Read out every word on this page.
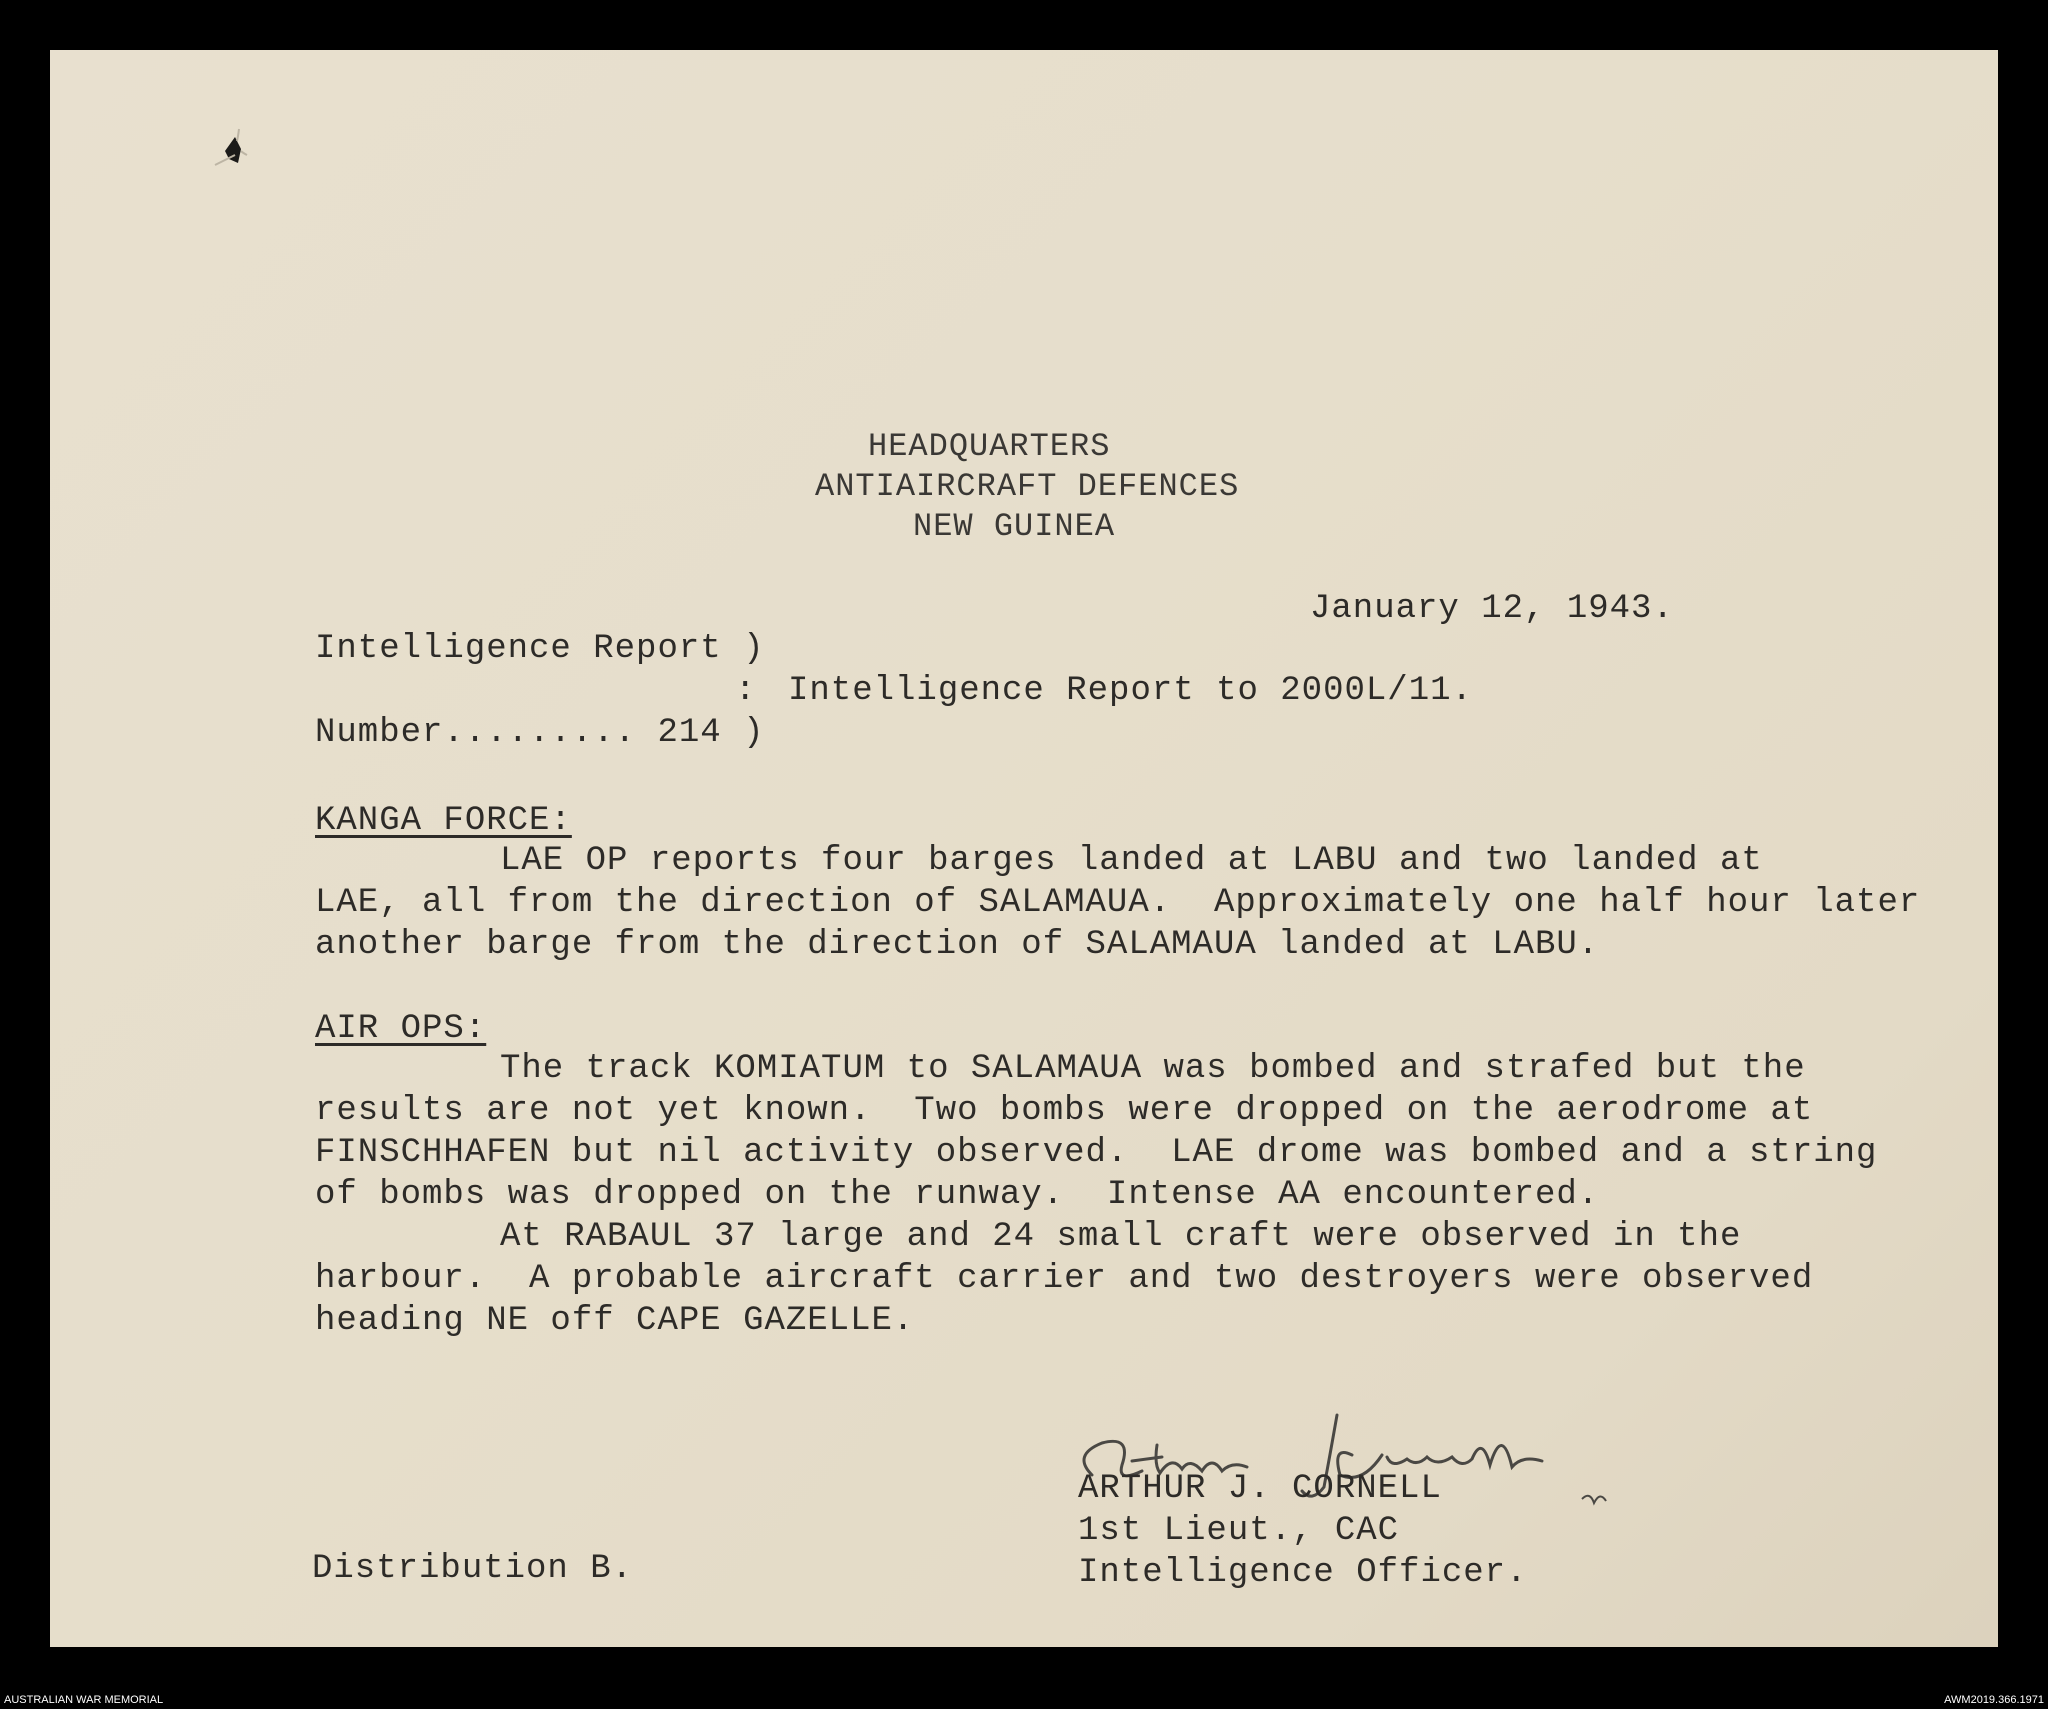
HEADQUARTERS
ANTIAIRCRAFT DEFENCES
NEW GUINEA
January 12, 1943.
Intelligence Report )
: Intelligence Report to 2000L/11.
Number......... 214 )
KANGA FORCE:
LAE OP reports four barges landed at LABU and two landed at
LAE, all from the direction of SALAMAUA.  Approximately one half hour later
another barge from the direction of SALAMAUA landed at LABU.
AIR OPS:
The track KOMIATUM to SALAMAUA was bombed and strafed but the
results are not yet known.  Two bombs were dropped on the aerodrome at
FINSCHHAFEN but nil activity observed.  LAE drome was bombed and a string
of bombs was dropped on the runway.  Intense AA encountered.
At RABAUL 37 large and 24 small craft were observed in the
harbour.  A probable aircraft carrier and two destroyers were observed
heading NE off CAPE GAZELLE.
ARTHUR J. CORNELL
1st Lieut., CAC
Intelligence Officer.
Distribution B.
AUSTRALIAN WAR MEMORIAL	AWM2019.366.1971
